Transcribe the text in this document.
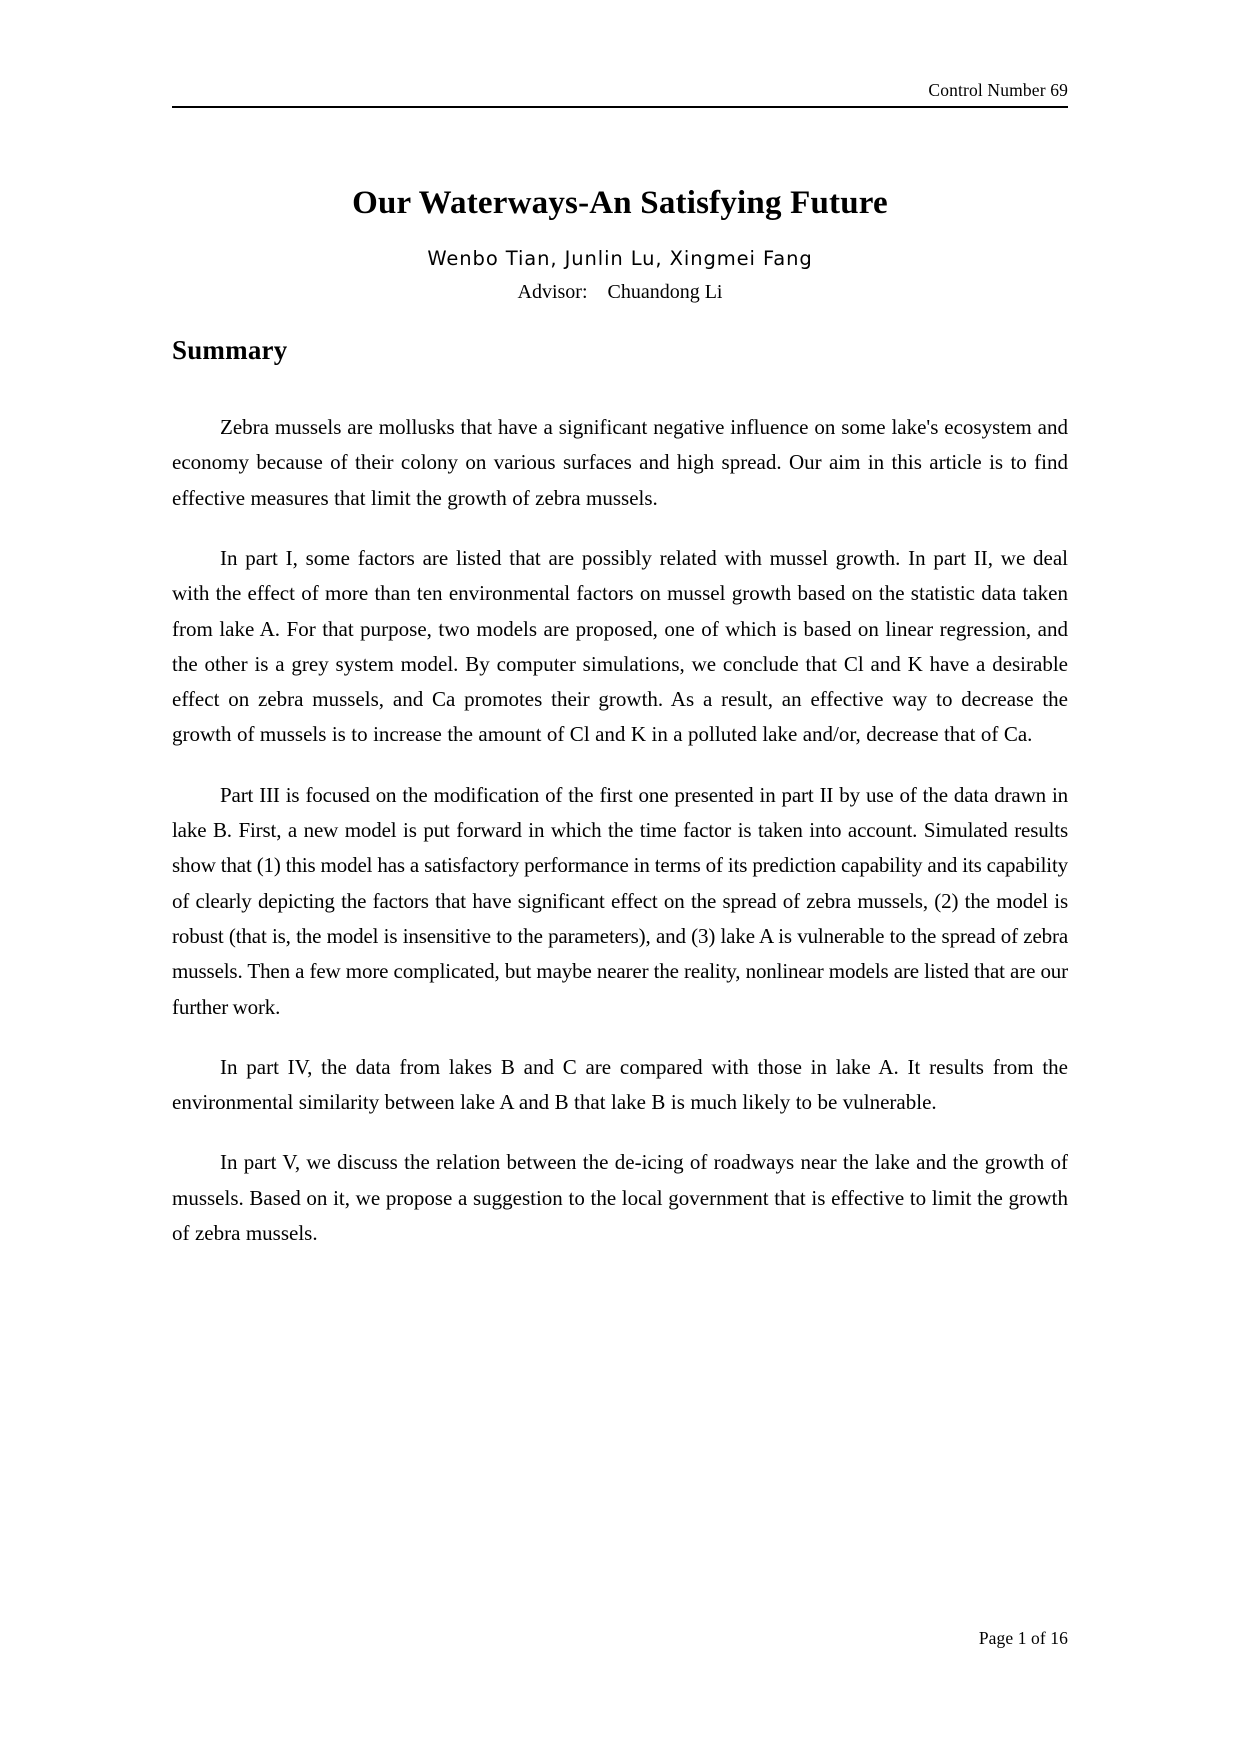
Control Number 69
Our Waterways-An Satisfying Future
Wenbo Tian, Junlin Lu, Xingmei Fang
Advisor:    Chuandong Li
Summary

Zebra mussels are mollusks that have a significant negative influence on some lake's ecosystem and economy because of their colony on various surfaces and high spread. Our aim in this article is to find effective measures that limit the growth of zebra mussels.

In part I, some factors are listed that are possibly related with mussel growth. In part II, we deal with the effect of more than ten environmental factors on mussel growth based on the statistic data taken from lake A. For that purpose, two models are proposed, one of which is based on linear regression, and the other is a grey system model. By computer simulations, we conclude that Cl and K have a desirable effect on zebra mussels, and Ca promotes their growth. As a result, an effective way to decrease the growth of mussels is to increase the amount of Cl and K in a polluted lake and/or, decrease that of Ca.

Part III is focused on the modification of the first one presented in part II by use of the data drawn in lake B. First, a new model is put forward in which the time factor is taken into account. Simulated results show that (1) this model has a satisfactory performance in terms of its prediction capability and its capability of clearly depicting the factors that have significant effect on the spread of zebra mussels, (2) the model is robust (that is, the model is insensitive to the parameters), and (3) lake A is vulnerable to the spread of zebra mussels. Then a few more complicated, but maybe nearer the reality, nonlinear models are listed that are our further work.

In part IV, the data from lakes B and C are compared with those in lake A. It results from the environmental similarity between lake A and B that lake B is much likely to be vulnerable.

In part V, we discuss the relation between the de-icing of roadways near the lake and the growth of mussels. Based on it, we propose a suggestion to the local government that is effective to limit the growth of zebra mussels.

Page 1 of 16
